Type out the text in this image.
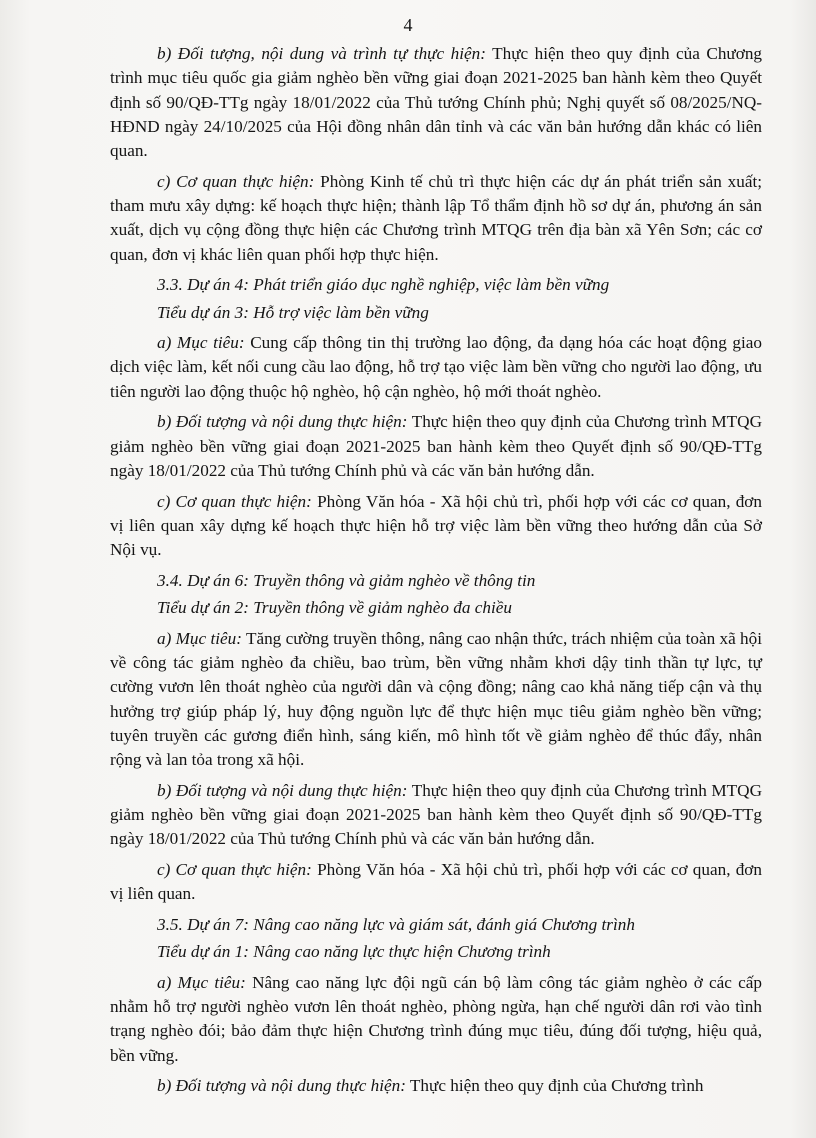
4

b) Đối tượng, nội dung và trình tự thực hiện: Thực hiện theo quy định của Chương trình mục tiêu quốc gia giảm nghèo bền vững giai đoạn 2021-2025 ban hành kèm theo Quyết định số 90/QĐ-TTg ngày 18/01/2022 của Thủ tướng Chính phủ; Nghị quyết số 08/2025/NQ-HĐND ngày 24/10/2025 của Hội đồng nhân dân tỉnh và các văn bản hướng dẫn khác có liên quan.

c) Cơ quan thực hiện: Phòng Kinh tế chủ trì thực hiện các dự án phát triển sản xuất; tham mưu xây dựng: kế hoạch thực hiện; thành lập Tổ thẩm định hồ sơ dự án, phương án sản xuất, dịch vụ cộng đồng thực hiện các Chương trình MTQG trên địa bàn xã Yên Sơn; các cơ quan, đơn vị khác liên quan phối hợp thực hiện.

3.3. Dự án 4: Phát triển giáo dục nghề nghiệp, việc làm bền vững

Tiểu dự án 3: Hỗ trợ việc làm bền vững

a) Mục tiêu: Cung cấp thông tin thị trường lao động, đa dạng hóa các hoạt động giao dịch việc làm, kết nối cung cầu lao động, hỗ trợ tạo việc làm bền vững cho người lao động, ưu tiên người lao động thuộc hộ nghèo, hộ cận nghèo, hộ mới thoát nghèo.

b) Đối tượng và nội dung thực hiện: Thực hiện theo quy định của Chương trình MTQG giảm nghèo bền vững giai đoạn 2021-2025 ban hành kèm theo Quyết định số 90/QĐ-TTg ngày 18/01/2022 của Thủ tướng Chính phủ và các văn bản hướng dẫn.

c) Cơ quan thực hiện: Phòng Văn hóa - Xã hội chủ trì, phối hợp với các cơ quan, đơn vị liên quan xây dựng kế hoạch thực hiện hỗ trợ việc làm bền vững theo hướng dẫn của Sở Nội vụ.

3.4. Dự án 6: Truyền thông và giảm nghèo về thông tin

Tiểu dự án 2: Truyền thông về giảm nghèo đa chiều

a) Mục tiêu: Tăng cường truyền thông, nâng cao nhận thức, trách nhiệm của toàn xã hội về công tác giảm nghèo đa chiều, bao trùm, bền vững nhằm khơi dậy tinh thần tự lực, tự cường vươn lên thoát nghèo của người dân và cộng đồng; nâng cao khả năng tiếp cận và thụ hưởng trợ giúp pháp lý, huy động nguồn lực để thực hiện mục tiêu giảm nghèo bền vững; tuyên truyền các gương điển hình, sáng kiến, mô hình tốt về giảm nghèo để thúc đẩy, nhân rộng và lan tỏa trong xã hội.

b) Đối tượng và nội dung thực hiện: Thực hiện theo quy định của Chương trình MTQG giảm nghèo bền vững giai đoạn 2021-2025 ban hành kèm theo Quyết định số 90/QĐ-TTg ngày 18/01/2022 của Thủ tướng Chính phủ và các văn bản hướng dẫn.

c) Cơ quan thực hiện: Phòng Văn hóa - Xã hội chủ trì, phối hợp với các cơ quan, đơn vị liên quan.

3.5. Dự án 7: Nâng cao năng lực và giám sát, đánh giá Chương trình

Tiểu dự án 1: Nâng cao năng lực thực hiện Chương trình

a) Mục tiêu: Nâng cao năng lực đội ngũ cán bộ làm công tác giảm nghèo ở các cấp nhằm hỗ trợ người nghèo vươn lên thoát nghèo, phòng ngừa, hạn chế người dân rơi vào tình trạng nghèo đói; bảo đảm thực hiện Chương trình đúng mục tiêu, đúng đối tượng, hiệu quả, bền vững.

b) Đối tượng và nội dung thực hiện: Thực hiện theo quy định của Chương trình
